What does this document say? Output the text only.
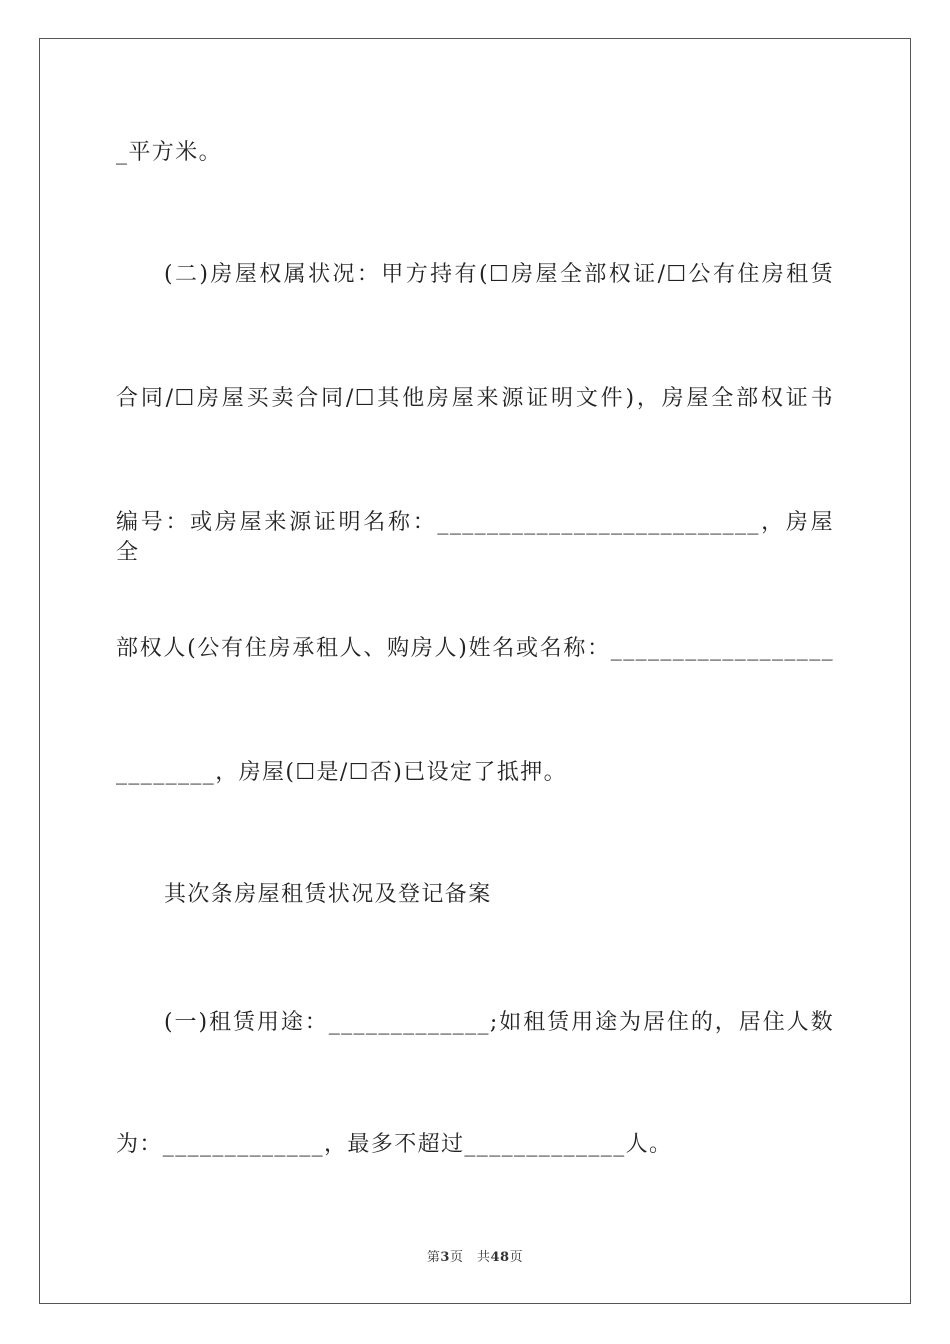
_平方米。
(二)房屋权属状况：甲方持有(☐房屋全部权证/☐公有住房租赁
合同/☐房屋买卖合同/☐其他房屋来源证明文件)，房屋全部权证书
编号：或房屋来源证明名称：__________________________，房屋全
部权人(公有住房承租人、购房人)姓名或名称：__________________
________，房屋(☐是/☐否)已设定了抵押。
其次条房屋租赁状况及登记备案
(一)租赁用途：_____________;如租赁用途为居住的，居住人数
为：_____________，最多不超过_____________人。
第3页　共48页
